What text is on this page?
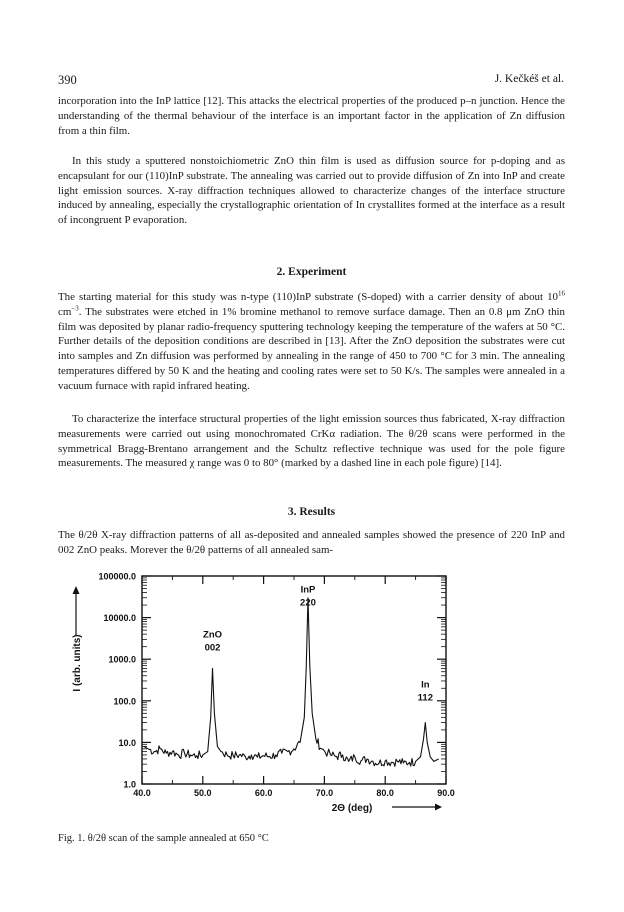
390	J. Kečkéš et al.

incorporation into the InP lattice [12]. This attacks the electrical properties of the produced p–n junction. Hence the understanding of the thermal behaviour of the interface is an important factor in the application of Zn diffusion from a thin film.

In this study a sputtered nonstoichiometric ZnO thin film is used as diffusion source for p-doping and as encapsulant for our (110)InP substrate. The annealing was carried out to provide diffusion of Zn into InP and create light emission sources. X-ray diffraction techniques allowed to characterize changes of the interface structure induced by annealing, especially the crystallographic orientation of In crystallites formed at the interface as a result of incongruent P evaporation.

2. Experiment

The starting material for this study was n-type (110)InP substrate (S-doped) with a carrier density of about $10^{16}$ $cm^{-3}$. The substrates were etched in 1% bromine methanol to remove surface damage. Then an 0.8 μm ZnO thin film was deposited by planar radio-frequency sputtering technology keeping the temperature of the wafers at 50 °C. Further details of the deposition conditions are described in [13]. After the ZnO deposition the substrates were cut into samples and Zn diffusion was performed by annealing in the range of 450 to 700 °C for 3 min. The annealing temperatures differed by 50 K and the heating and cooling rates were set to 50 K/s. The samples were annealed in a vacuum furnace with rapid infrared heating.

To characterize the interface structural properties of the light emission sources thus fabricated, X-ray diffraction measurements were carried out using monochromated CrKα radiation. The θ/2θ scans were performed in the symmetrical Bragg-Brentano arrangement and the Schultz reflective technique was used for the pole figure measurements. The measured χ range was 0 to 80° (marked by a dashed line in each pole figure) [14].

3. Results

The θ/2θ X-ray diffraction patterns of all as-deposited and annealed samples showed the presence of 220 InP and 002 ZnO peaks. Morever the θ/2θ patterns of all annealed sam-

1.0
10.0
100.0
1000.0
10000.0
100000.0
40.0	50.0	60.0	70.0	80.0	90.0
ZnO
002
InP
220
In
112
2Θ (deg)
I (arb. units)
Fig. 1. θ/2θ scan of the sample annealed at 650 °C
